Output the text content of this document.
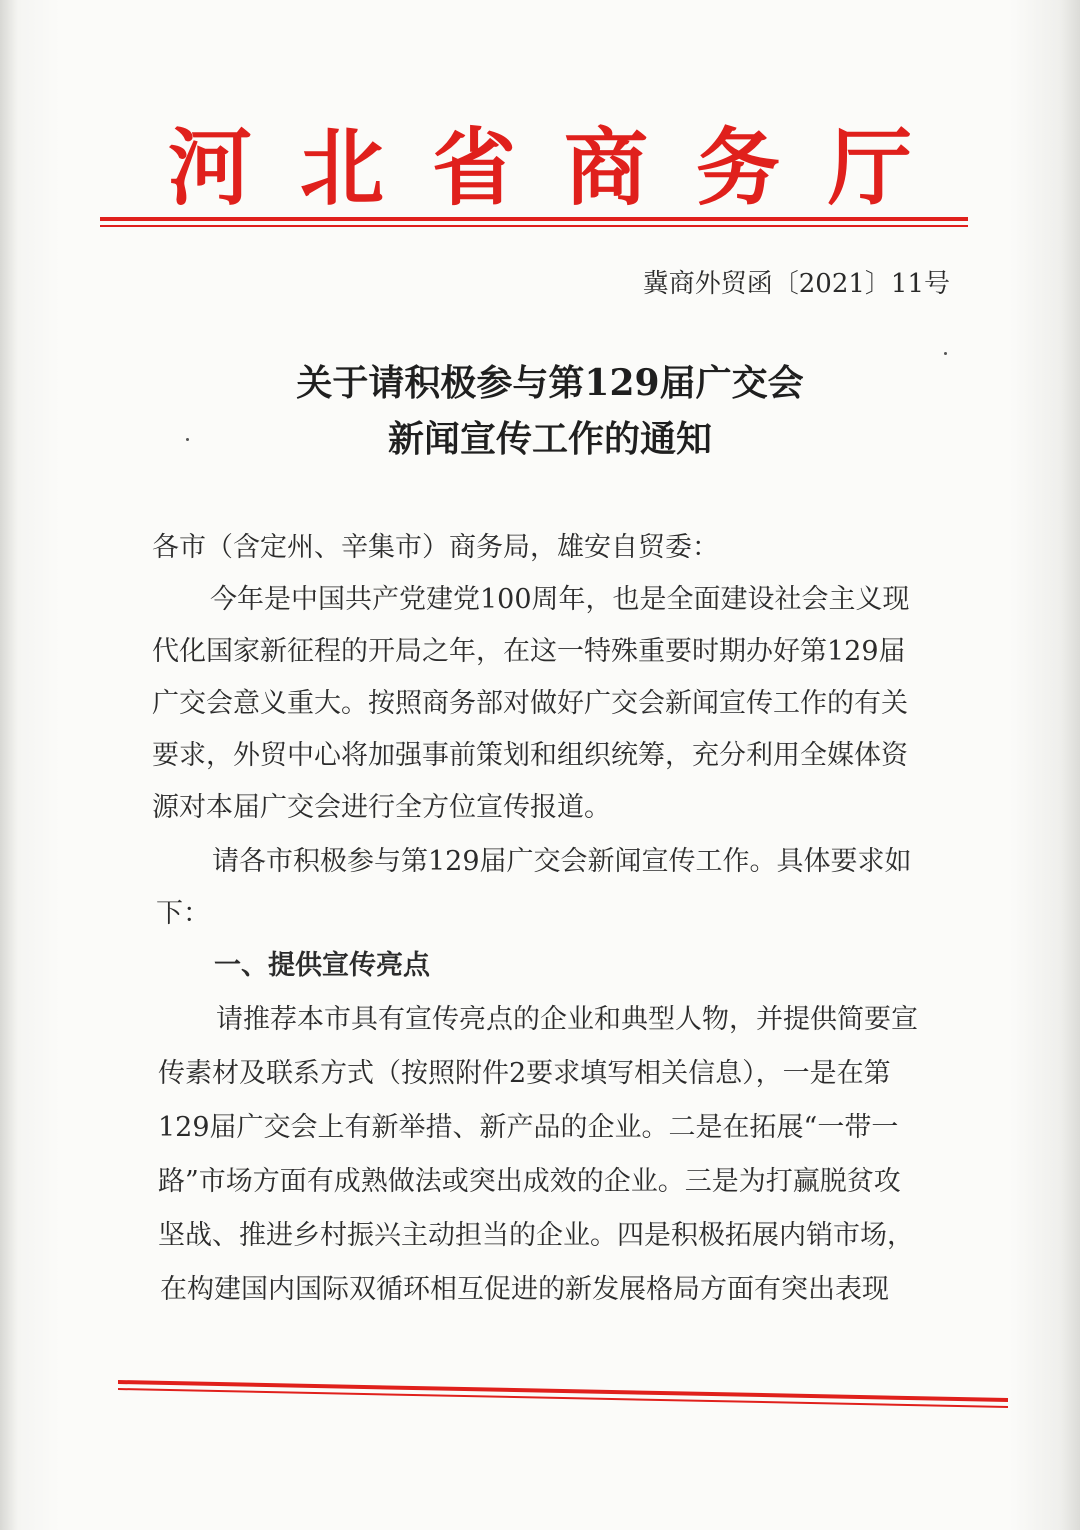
河 北 省 商 务 厅
冀商外贸函〔2021〕11号
关于请积极参与第129届广交会
新闻宣传工作的通知
各市（含定州、辛集市）商务局，雄安自贸委：
今年是中国共产党建党100周年，也是全面建设社会主义现
代化国家新征程的开局之年，在这一特殊重要时期办好第129届
广交会意义重大。按照商务部对做好广交会新闻宣传工作的有关
要求，外贸中心将加强事前策划和组织统筹，充分利用全媒体资
源对本届广交会进行全方位宣传报道。
请各市积极参与第129届广交会新闻宣传工作。具体要求如
下：
一、提供宣传亮点
请推荐本市具有宣传亮点的企业和典型人物，并提供简要宣
传素材及联系方式（按照附件2要求填写相关信息），一是在第
129届广交会上有新举措、新产品的企业。二是在拓展“一带一
路”市场方面有成熟做法或突出成效的企业。三是为打赢脱贫攻
坚战、推进乡村振兴主动担当的企业。四是积极拓展内销市场，
在构建国内国际双循环相互促进的新发展格局方面有突出表现
